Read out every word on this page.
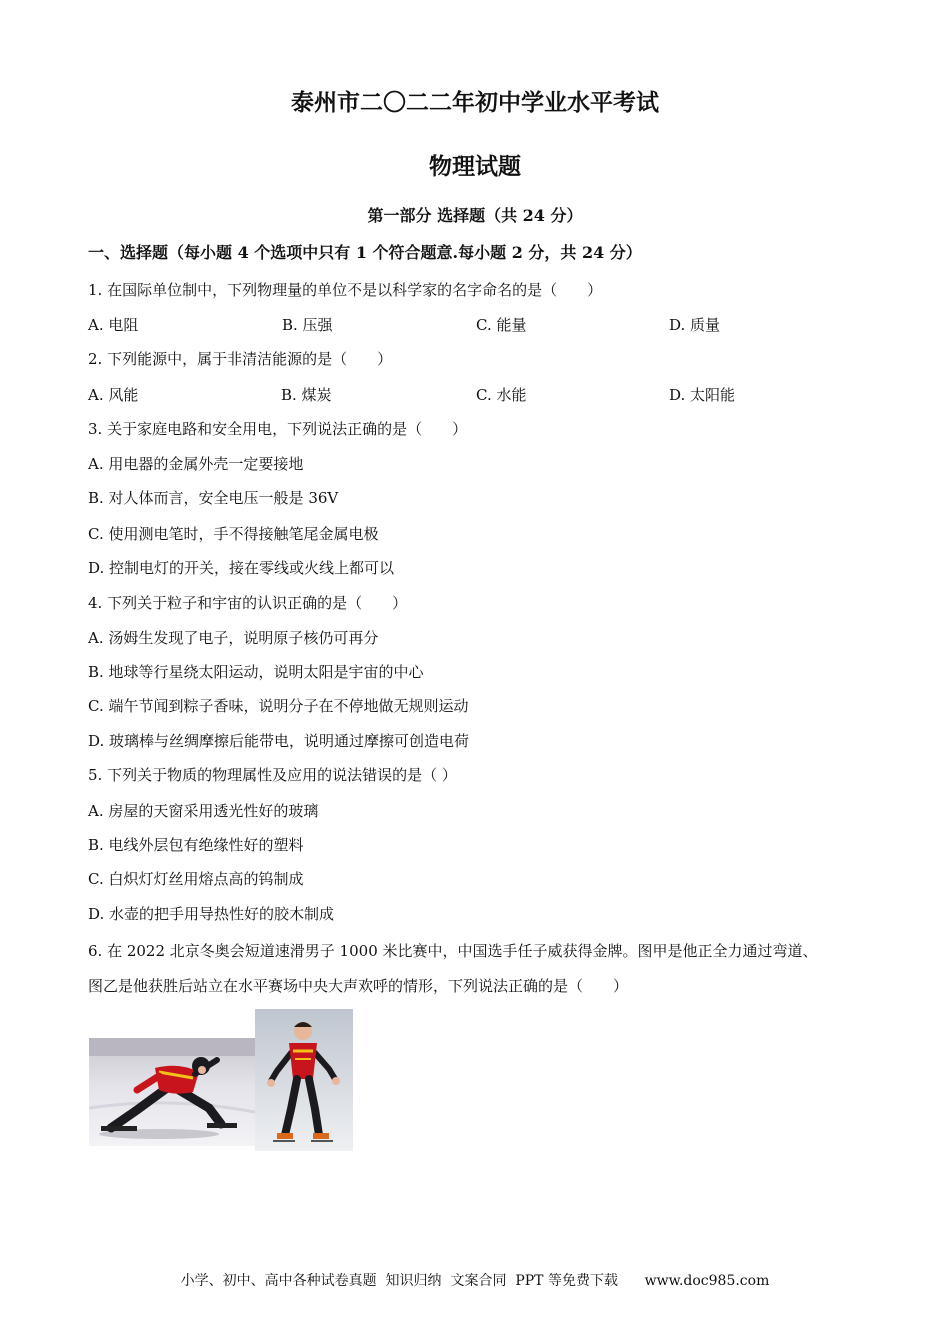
泰州市二〇二二年初中学业水平考试
物理试题
第一部分 选择题（共 24 分）
一、选择题（每小题 4 个选项中只有 1 个符合题意.每小题 2 分，共 24 分）
1. 在国际单位制中，下列物理量的单位不是以科学家的名字命名的是（　　）
A. 电阻	B. 压强	C. 能量	D. 质量
2. 下列能源中，属于非清洁能源的是（　　）
A. 风能	B. 煤炭	C. 水能	D. 太阳能
3. 关于家庭电路和安全用电，下列说法正确的是（　　）
A. 用电器的金属外壳一定要接地
B. 对人体而言，安全电压一般是 36V
C. 使用测电笔时，手不得接触笔尾金属电极
D. 控制电灯的开关，接在零线或火线上都可以
4. 下列关于粒子和宇宙的认识正确的是（　　）
A. 汤姆生发现了电子，说明原子核仍可再分
B. 地球等行星绕太阳运动，说明太阳是宇宙的中心
C. 端午节闻到粽子香味，说明分子在不停地做无规则运动
D. 玻璃棒与丝绸摩擦后能带电，说明通过摩擦可创造电荷
5. 下列关于物质的物理属性及应用的说法错误的是（ ）
A. 房屋的天窗采用透光性好的玻璃
B. 电线外层包有绝缘性好的塑料
C. 白炽灯灯丝用熔点高的钨制成
D. 水壶的把手用导热性好的胶木制成
6. 在 2022 北京冬奥会短道速滑男子 1000 米比赛中，中国选手任子威获得金牌。图甲是他正全力通过弯道、
图乙是他获胜后站立在水平赛场中央大声欢呼的情形，下列说法正确的是（　　）
小学、初中、高中各种试卷真题  知识归纳  文案合同  PPT 等免费下载      www.doc985.com
